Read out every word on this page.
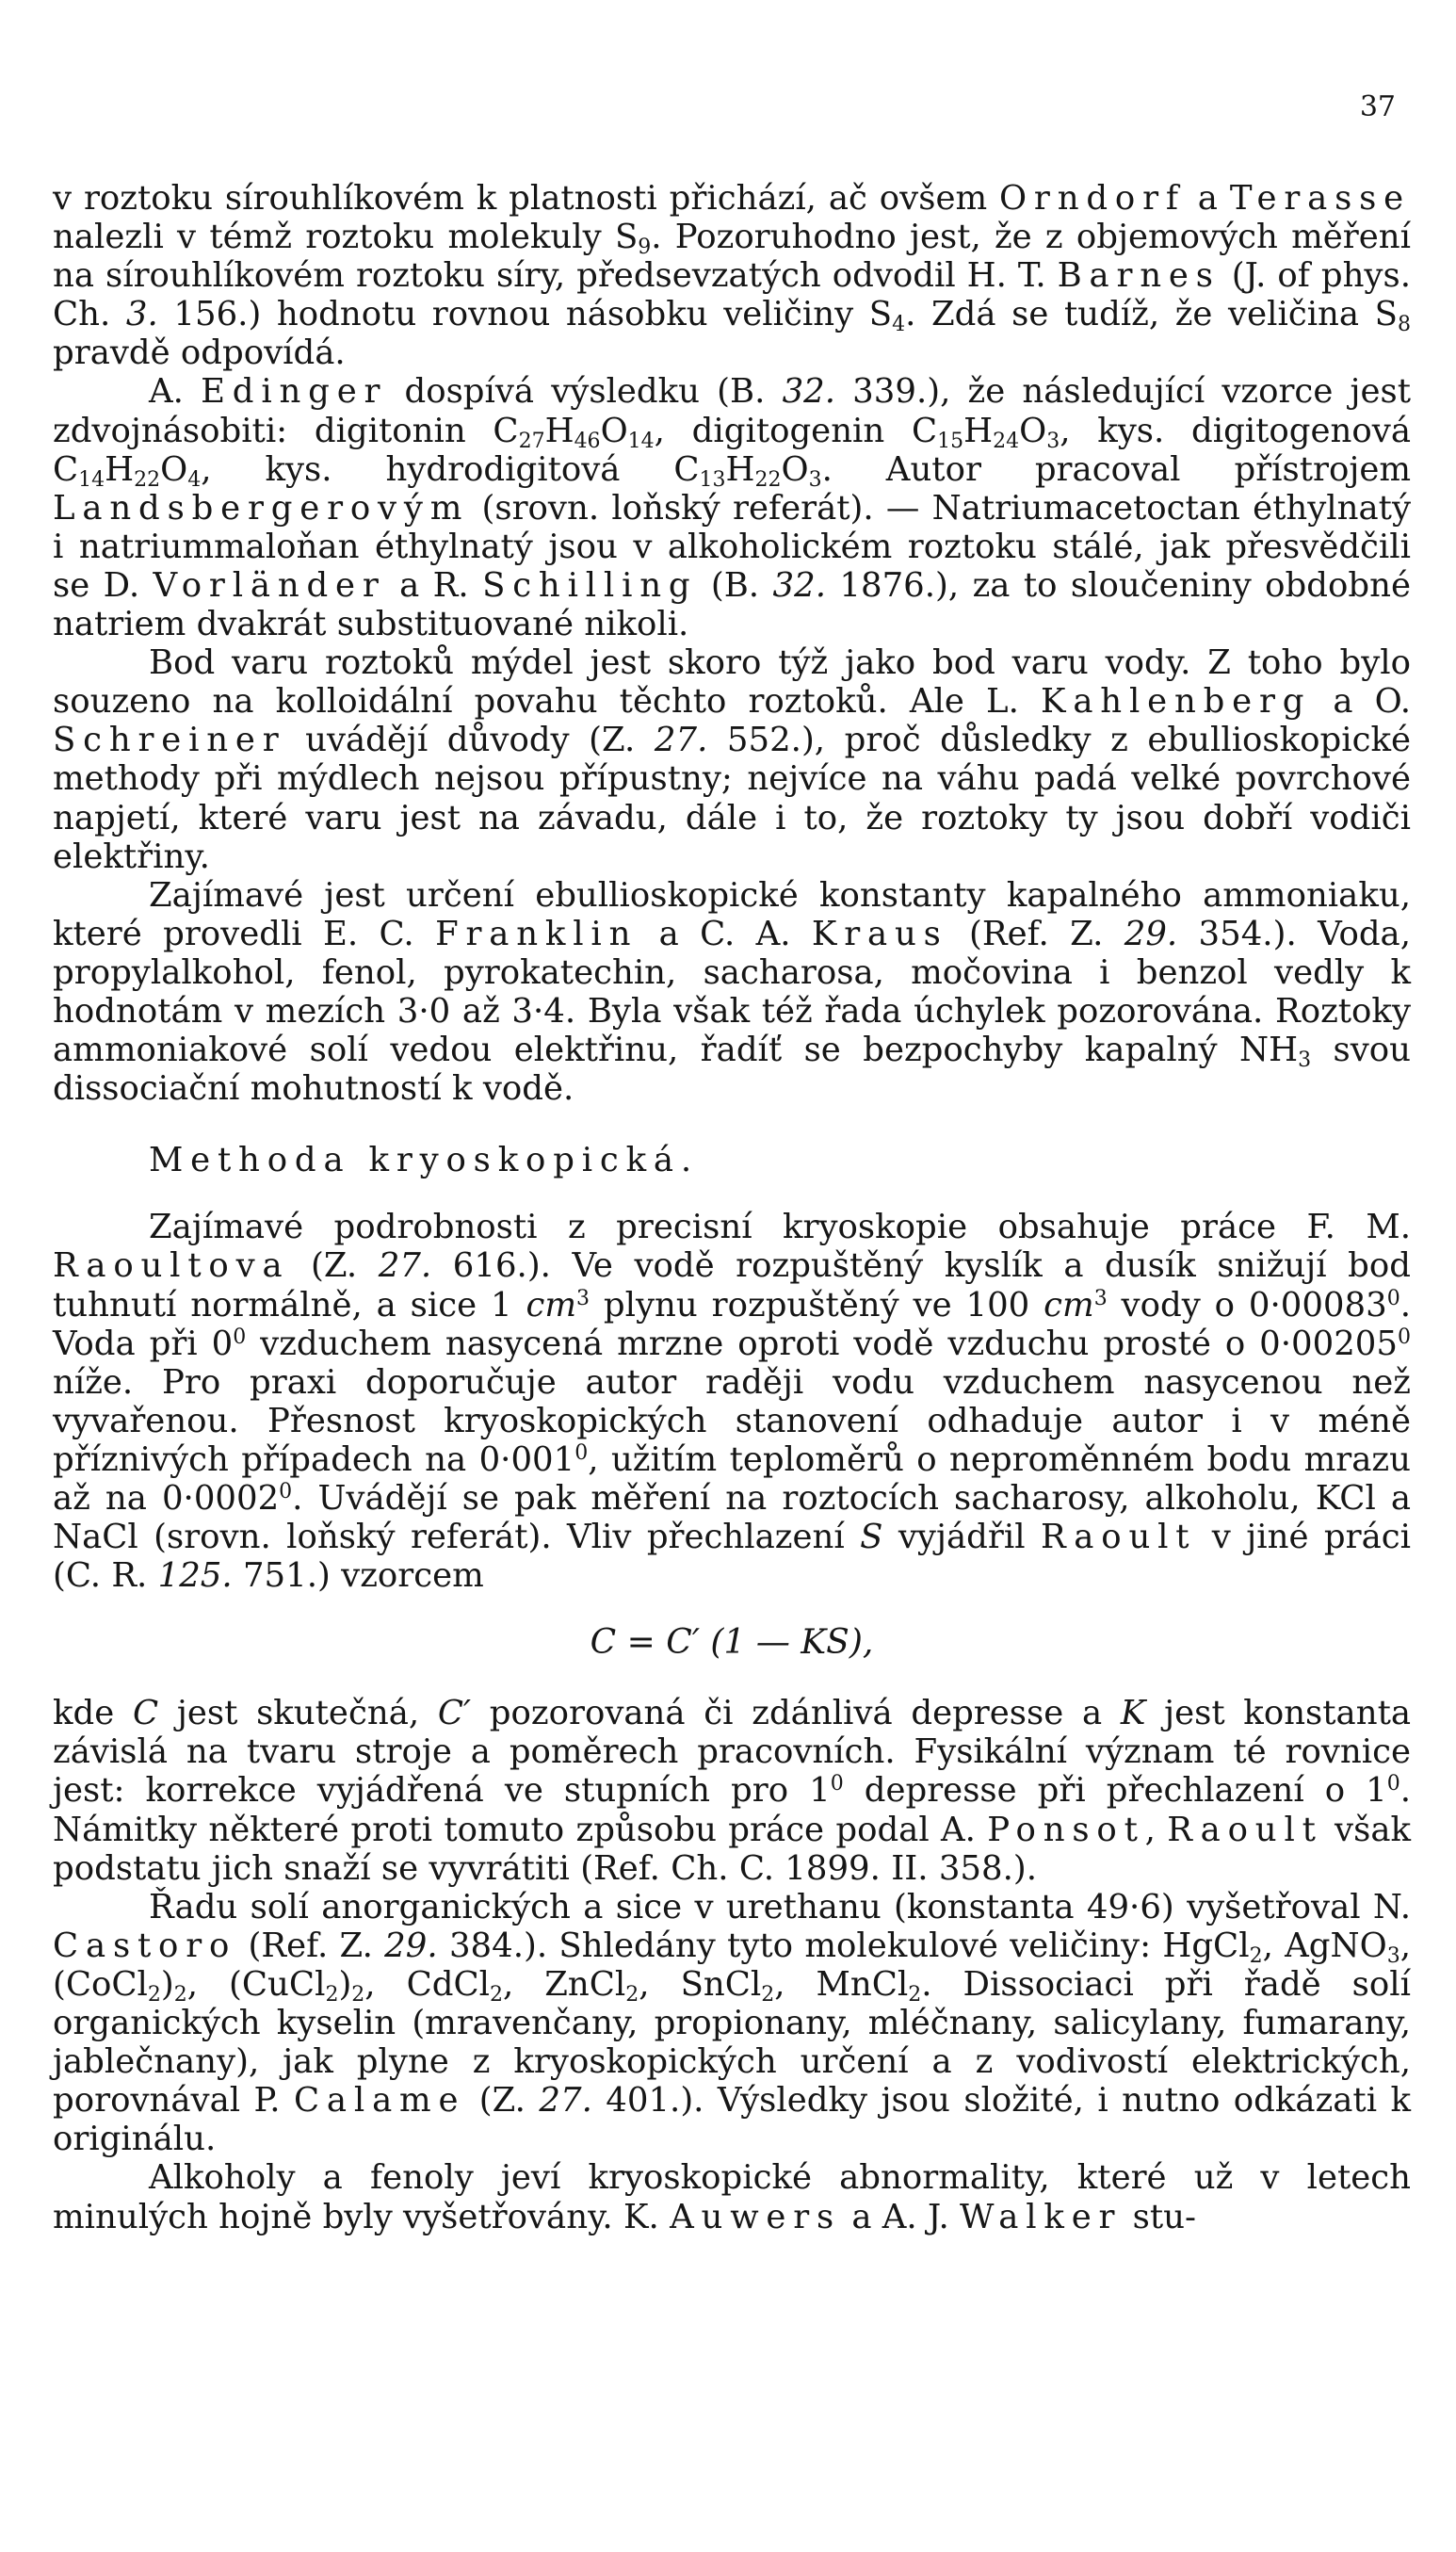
37

v roztoku sírouhlíkovém k platnosti přichází, ač ovšem Orndorf a Terasse nalezli v témž roztoku molekuly $S_9$. Pozoruhodno jest, že z objemových měření na sírouhlíkovém roztoku síry, předsevzatých odvodil H. T. Barnes (J. of phys. Ch. 3. 156.) hodnotu rovnou násobku veličiny $S_4$. Zdá se tudíž, že veličina $S_8$ pravdě odpovídá.

A. Edinger dospívá výsledku (B. 32. 339.), že následující vzorce jest zdvojnásobiti: digitonin $C_{27}H_{46}O_{14}$, digitogenin $C_{15}H_{24}O_3$, kys. digitogenová $C_{14}H_{22}O_4$, kys. hydrodigitová $C_{13}H_{22}O_3$. Autor pracoval přístrojem Landsbergerovým (srovn. loňský referát). — Natriumacetoctan éthylnatý i natriummaloňan éthylnatý jsou v alkoholickém roztoku stálé, jak přesvědčili se D. Vorländer a R. Schilling (B. 32. 1876.), za to sloučeniny obdobné natriem dvakrát substituované nikoli.

Bod varu roztoků mýdel jest skoro týž jako bod varu vody. Z toho bylo souzeno na kolloidální povahu těchto roztoků. Ale L. Kahlenberg a O. Schreiner uvádějí důvody (Z. 27. 552.), proč důsledky z ebullioskopické methody při mýdlech nejsou přípustny; nejvíce na váhu padá velké povrchové napjetí, které varu jest na závadu, dále i to, že roztoky ty jsou dobří vodiči elektřiny.

Zajímavé jest určení ebullioskopické konstanty kapalného ammoniaku, které provedli E. C. Franklin a C. A. Kraus (Ref. Z. 29. 354.). Voda, propylalkohol, fenol, pyrokatechin, sacharosa, močovina i benzol vedly k hodnotám v mezích 3·0 až 3·4. Byla však též řada úchylek pozorována. Roztoky ammoniakové solí vedou elektřinu, řadíť se bezpochyby kapalný $NH_3$ svou dissociační mohutností k vodě.

Methoda kryoskopická.

Zajímavé podrobnosti z precisní kryoskopie obsahuje práce F. M. Raoultova (Z. 27. 616.). Ve vodě rozpuštěný kyslík a dusík snižují bod tuhnutí normálně, a sice 1 $cm^3$ plynu rozpuštěný ve 100 $cm^3$ vody o $0\cdot 00083^0$. Voda při $0^0$ vzduchem nasycená mrzne oproti vodě vzduchu prosté o $0\cdot 00205^0$ níže. Pro praxi doporučuje autor raději vodu vzduchem nasycenou než vyvařenou. Přesnost kryoskopických stanovení odhaduje autor i v méně příznivých případech na $0\cdot 001^0$, užitím teploměrů o neproměnném bodu mrazu až na $0\cdot 0002^0$. Uvádějí se pak měření na roztocích sacharosy, alkoholu, KCl a NaCl (srovn. loňský referát). Vliv přechlazení S vyjádřil Raoult v jiné práci (C. R. 125. 751.) vzorcem

C = C′ (1 — KS),

kde C jest skutečná, C′ pozorovaná či zdánlivá depresse a K jest konstanta závislá na tvaru stroje a poměrech pracovních. Fysikální význam té rovnice jest: korrekce vyjádřená ve stupních pro $1^0$ depresse při přechlazení o $1^0$. Námitky některé proti tomuto způsobu práce podal A. Ponsot, Raoult však podstatu jich snaží se vyvrátiti (Ref. Ch. C. 1899. II. 358.).

Řadu solí anorganických a sice v urethanu (konstanta 49·6) vyšetřoval N. Castoro (Ref. Z. 29. 384.). Shledány tyto molekulové veličiny: HgCl$_2$, AgNO$_3$, $(CoCl_2)_2$, $(CuCl_2)_2$, CdCl$_2$, ZnCl$_2$, SnCl$_2$, MnCl$_2$. Dissociaci při řadě solí organických kyselin (mravenčany, propionany, mléčnany, salicylany, fumarany, jablečnany), jak plyne z kryoskopických určení a z vodivostí elektrických, porovnával P. Calame (Z. 27. 401.). Výsledky jsou složité, i nutno odkázati k originálu.

Alkoholy a fenoly jeví kryoskopické abnormality, které už v letech minulých hojně byly vyšetřovány. K. Auwers a A. J. Walker stu-
